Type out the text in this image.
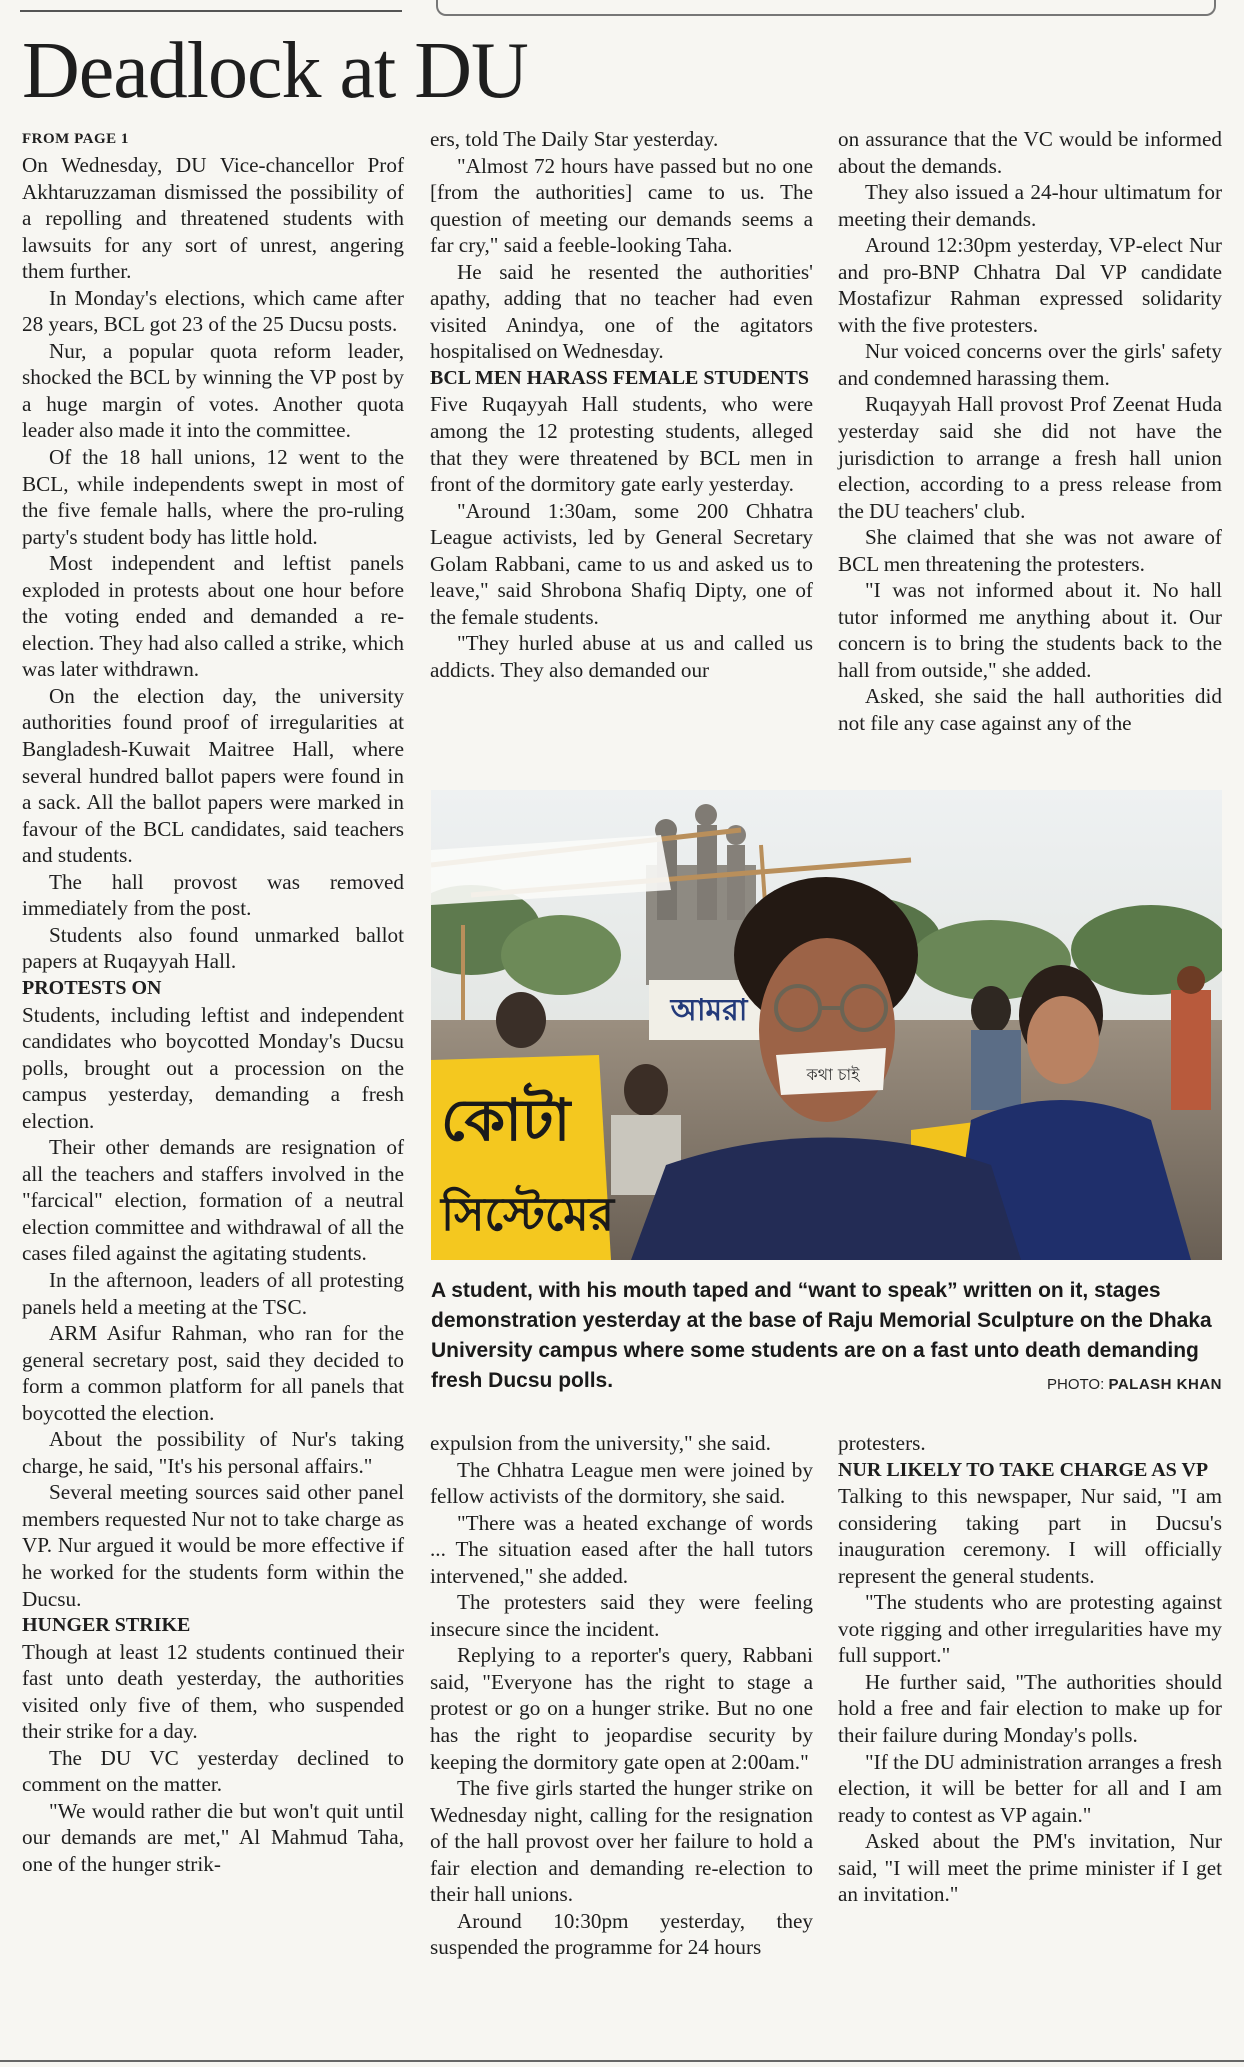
Deadlock at DU
FROM PAGE 1

On Wednesday, DU Vice-chancellor Prof Akhtaruzzaman dismissed the possibility of a repolling and threatened students with lawsuits for any sort of unrest, angering them further.

In Monday's elections, which came after 28 years, BCL got 23 of the 25 Ducsu posts.

Nur, a popular quota reform leader, shocked the BCL by winning the VP post by a huge margin of votes. Another quota leader also made it into the committee.

Of the 18 hall unions, 12 went to the BCL, while independents swept in most of the five female halls, where the pro-ruling party's student body has little hold.

Most independent and leftist panels exploded in protests about one hour before the voting ended and demanded a re-election. They had also called a strike, which was later withdrawn.

On the election day, the university authorities found proof of irregularities at Bangladesh-Kuwait Maitree Hall, where several hundred ballot papers were found in a sack. All the ballot papers were marked in favour of the BCL candidates, said teachers and students.

The hall provost was removed immediately from the post.

Students also found unmarked ballot papers at Ruqayyah Hall.

PROTESTS ON

Students, including leftist and independent candidates who boycotted Monday's Ducsu polls, brought out a procession on the campus yesterday, demanding a fresh election.

Their other demands are resignation of all the teachers and staffers involved in the "farcical" election, formation of a neutral election committee and withdrawal of all the cases filed against the agitating students.

In the afternoon, leaders of all protesting panels held a meeting at the TSC.

ARM Asifur Rahman, who ran for the general secretary post, said they decided to form a common platform for all panels that boycotted the election.

About the possibility of Nur's taking charge, he said, "It's his personal affairs."

Several meeting sources said other panel members requested Nur not to take charge as VP. Nur argued it would be more effective if he worked for the students form within the Ducsu.

HUNGER STRIKE

Though at least 12 students continued their fast unto death yesterday, the authorities visited only five of them, who suspended their strike for a day.

The DU VC yesterday declined to comment on the matter.

"We would rather die but won't quit until our demands are met," Al Mahmud Taha, one of the hunger strik-

ers, told The Daily Star yesterday.

"Almost 72 hours have passed but no one [from the authorities] came to us. The question of meeting our demands seems a far cry," said a feeble-looking Taha.

He said he resented the authorities' apathy, adding that no teacher had even visited Anindya, one of the agitators hospitalised on Wednesday.

BCL MEN HARASS FEMALE STUDENTS

Five Ruqayyah Hall students, who were among the 12 protesting students, alleged that they were threatened by BCL men in front of the dormitory gate early yesterday.

"Around 1:30am, some 200 Chhatra League activists, led by General Secretary Golam Rabbani, came to us and asked us to leave," said Shrobona Shafiq Dipty, one of the female students.

"They hurled abuse at us and called us addicts. They also demanded our

on assurance that the VC would be informed about the demands.

They also issued a 24-hour ultimatum for meeting their demands.

Around 12:30pm yesterday, VP-elect Nur and pro-BNP Chhatra Dal VP candidate Mostafizur Rahman expressed solidarity with the five protesters.

Nur voiced concerns over the girls' safety and condemned harassing them.

Ruqayyah Hall provost Prof Zeenat Huda yesterday said she did not have the jurisdiction to arrange a fresh hall union election, according to a press release from the DU teachers' club.

She claimed that she was not aware of BCL men threatening the protesters.

"I was not informed about it. No hall tutor informed me anything about it. Our concern is to bring the students back to the hall from outside," she added.

Asked, she said the hall authorities did not file any case against any of the

আমরা
কোটা
সিস্টেমের
কথা চাই

A student, with his mouth taped and “want to speak” written on it, stages demonstration yesterday at the base of Raju Memorial Sculpture on the Dhaka University campus where some students are on a fast unto death demanding fresh Ducsu polls.	PHOTO: PALASH KHAN

expulsion from the university," she said.

The Chhatra League men were joined by fellow activists of the dormitory, she said.

"There was a heated exchange of words ... The situation eased after the hall tutors intervened," she added.

The protesters said they were feeling insecure since the incident.

Replying to a reporter's query, Rabbani said, "Everyone has the right to stage a protest or go on a hunger strike. But no one has the right to jeopardise security by keeping the dormitory gate open at 2:00am."

The five girls started the hunger strike on Wednesday night, calling for the resignation of the hall provost over her failure to hold a fair election and demanding re-election to their hall unions.

Around 10:30pm yesterday, they suspended the programme for 24 hours

protesters.

NUR LIKELY TO TAKE CHARGE AS VP

Talking to this newspaper, Nur said, "I am considering taking part in Ducsu's inauguration ceremony. I will officially represent the general students.

"The students who are protesting against vote rigging and other irregularities have my full support."

He further said, "The authorities should hold a free and fair election to make up for their failure during Monday's polls.

"If the DU administration arranges a fresh election, it will be better for all and I am ready to contest as VP again."

Asked about the PM's invitation, Nur said, "I will meet the prime minister if I get an invitation."
